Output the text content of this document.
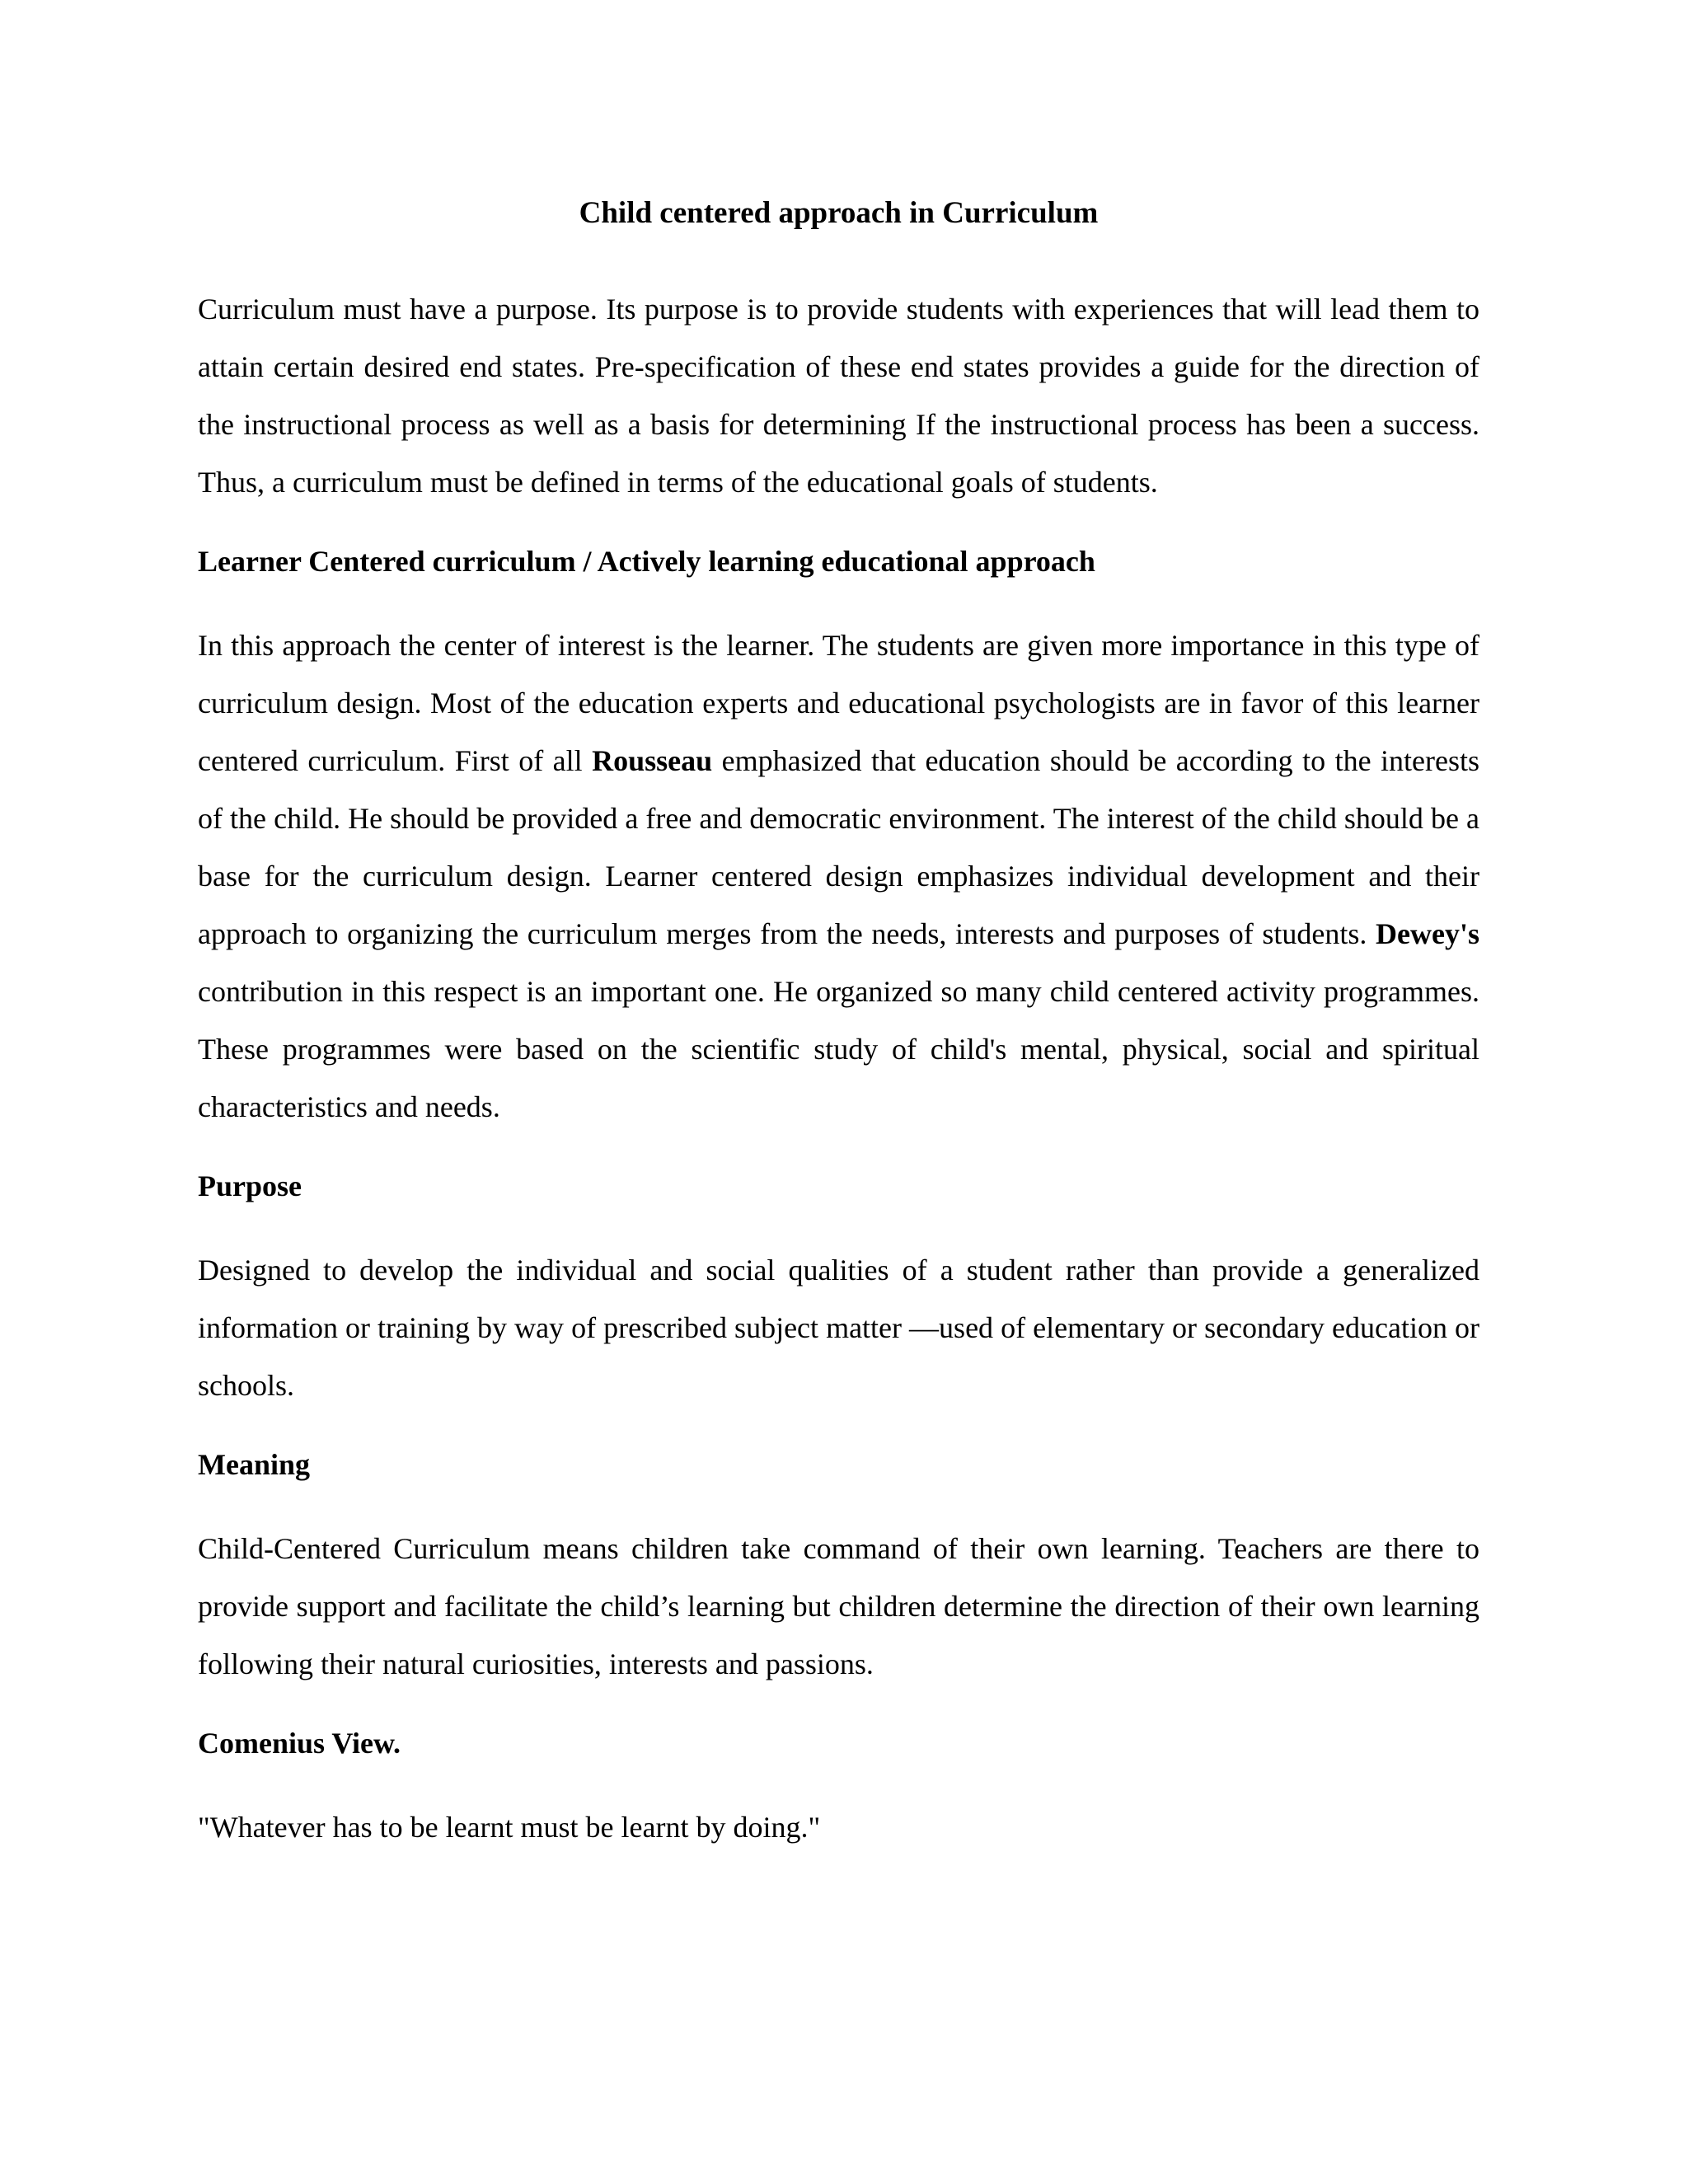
Child centered approach in Curriculum

Curriculum must have a purpose. Its purpose is to provide students with experiences that will lead them to attain certain desired end states. Pre-specification of these end states provides a guide for the direction of the instructional process as well as a basis for determining If the instructional process has been a success. Thus, a curriculum must be defined in terms of the educational goals of students.

Learner Centered curriculum / Actively learning educational approach

In this approach the center of interest is the learner. The students are given more importance in this type of curriculum design. Most of the education experts and educational psychologists are in favor of this learner centered curriculum. First of all Rousseau emphasized that education should be according to the interests of the child. He should be provided a free and democratic environment. The interest of the child should be a base for the curriculum design. Learner centered design emphasizes individual development and their approach to organizing the curriculum merges from the needs, interests and purposes of students. Dewey's contribution in this respect is an important one. He organized so many child centered activity programmes. These programmes were based on the scientific study of child's mental, physical, social and spiritual characteristics and needs.

Purpose

Designed to develop the individual and social qualities of a student rather than provide a generalized information or training by way of prescribed subject matter —used of elementary or secondary education or schools.

Meaning

Child-Centered Curriculum means children take command of their own learning. Teachers are there to provide support and facilitate the child’s learning but children determine the direction of their own learning following their natural curiosities, interests and passions.

Comenius View.

"Whatever has to be learnt must be learnt by doing."
